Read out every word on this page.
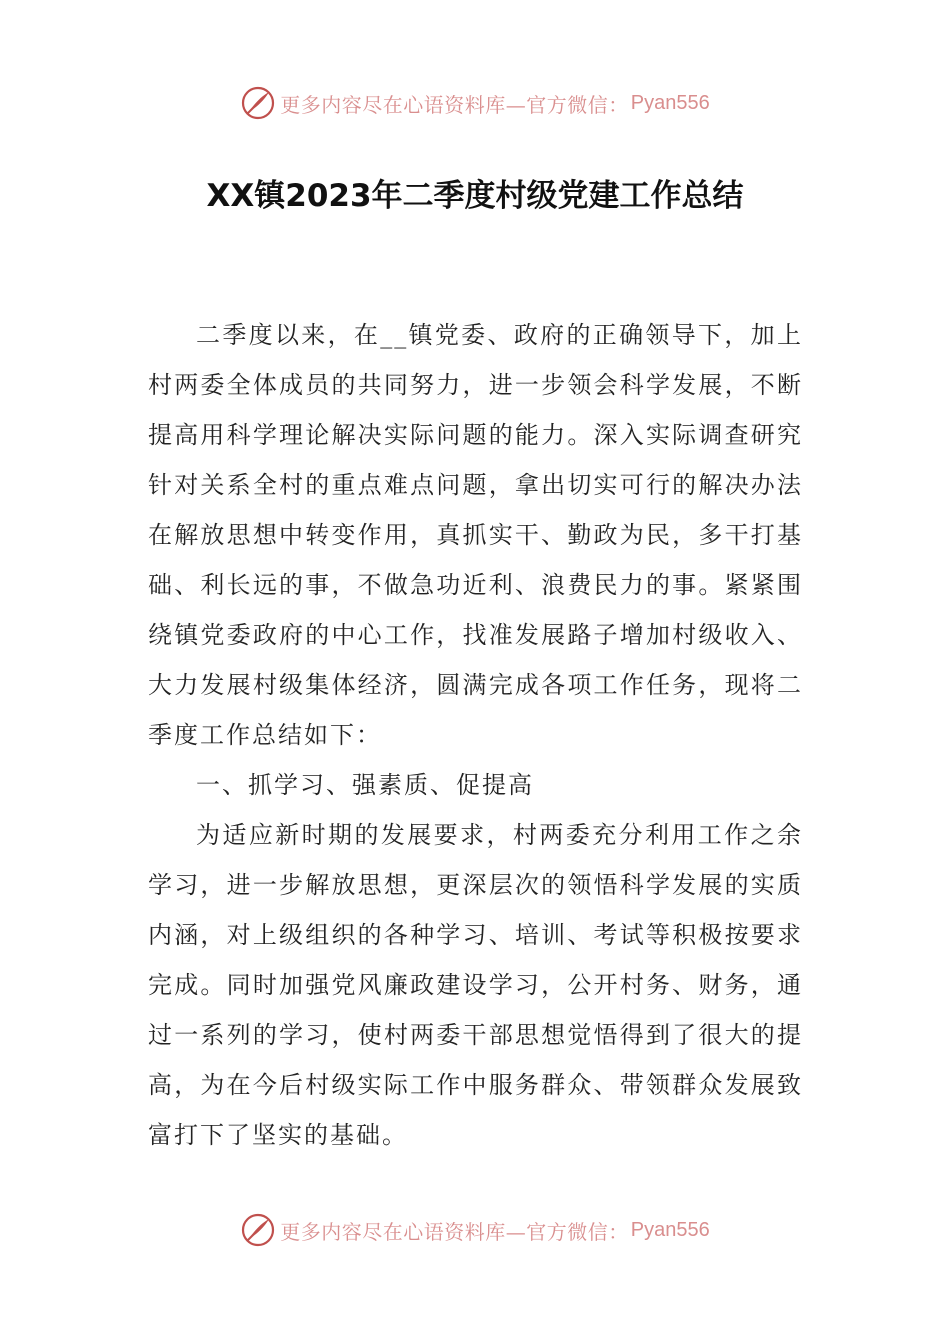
更多内容尽在心语资料库—官方微信： Pyan556
XX镇2023年二季度村级党建工作总结

二季度以来，在__镇党委、政府的正确领导下，加上村两委全体成员的共同努力，进一步领会科学发展，不断提高用科学理论解决实际问题的能力。深入实际调查研究针对关系全村的重点难点问题，拿出切实可行的解决办法在解放思想中转变作用，真抓实干、勤政为民，多干打基础、利长远的事，不做急功近利、浪费民力的事。紧紧围绕镇党委政府的中心工作，找准发展路子增加村级收入、大力发展村级集体经济，圆满完成各项工作任务，现将二季度工作总结如下：

一、抓学习、强素质、促提高

为适应新时期的发展要求，村两委充分利用工作之余学习，进一步解放思想，更深层次的领悟科学发展的实质内涵，对上级组织的各种学习、培训、考试等积极按要求完成。同时加强党风廉政建设学习，公开村务、财务，通过一系列的学习，使村两委干部思想觉悟得到了很大的提高，为在今后村级实际工作中服务群众、带领群众发展致富打下了坚实的基础。

更多内容尽在心语资料库—官方微信： Pyan556
